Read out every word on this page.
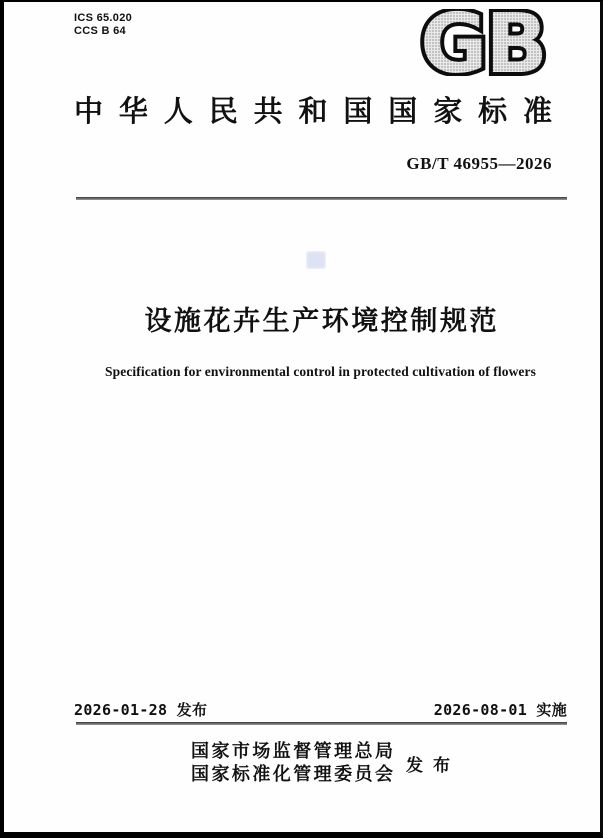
ICS 65.020
CCS B 64	GB
中华人民共和国国家标准
GB/T 46955—2026
设施花卉生产环境控制规范
Specification for environmental control in protected cultivation of flowers
2026-01-28 发布	2026-08-01 实施
国家市场监督管理总局
国家标准化管理委员会 发布
